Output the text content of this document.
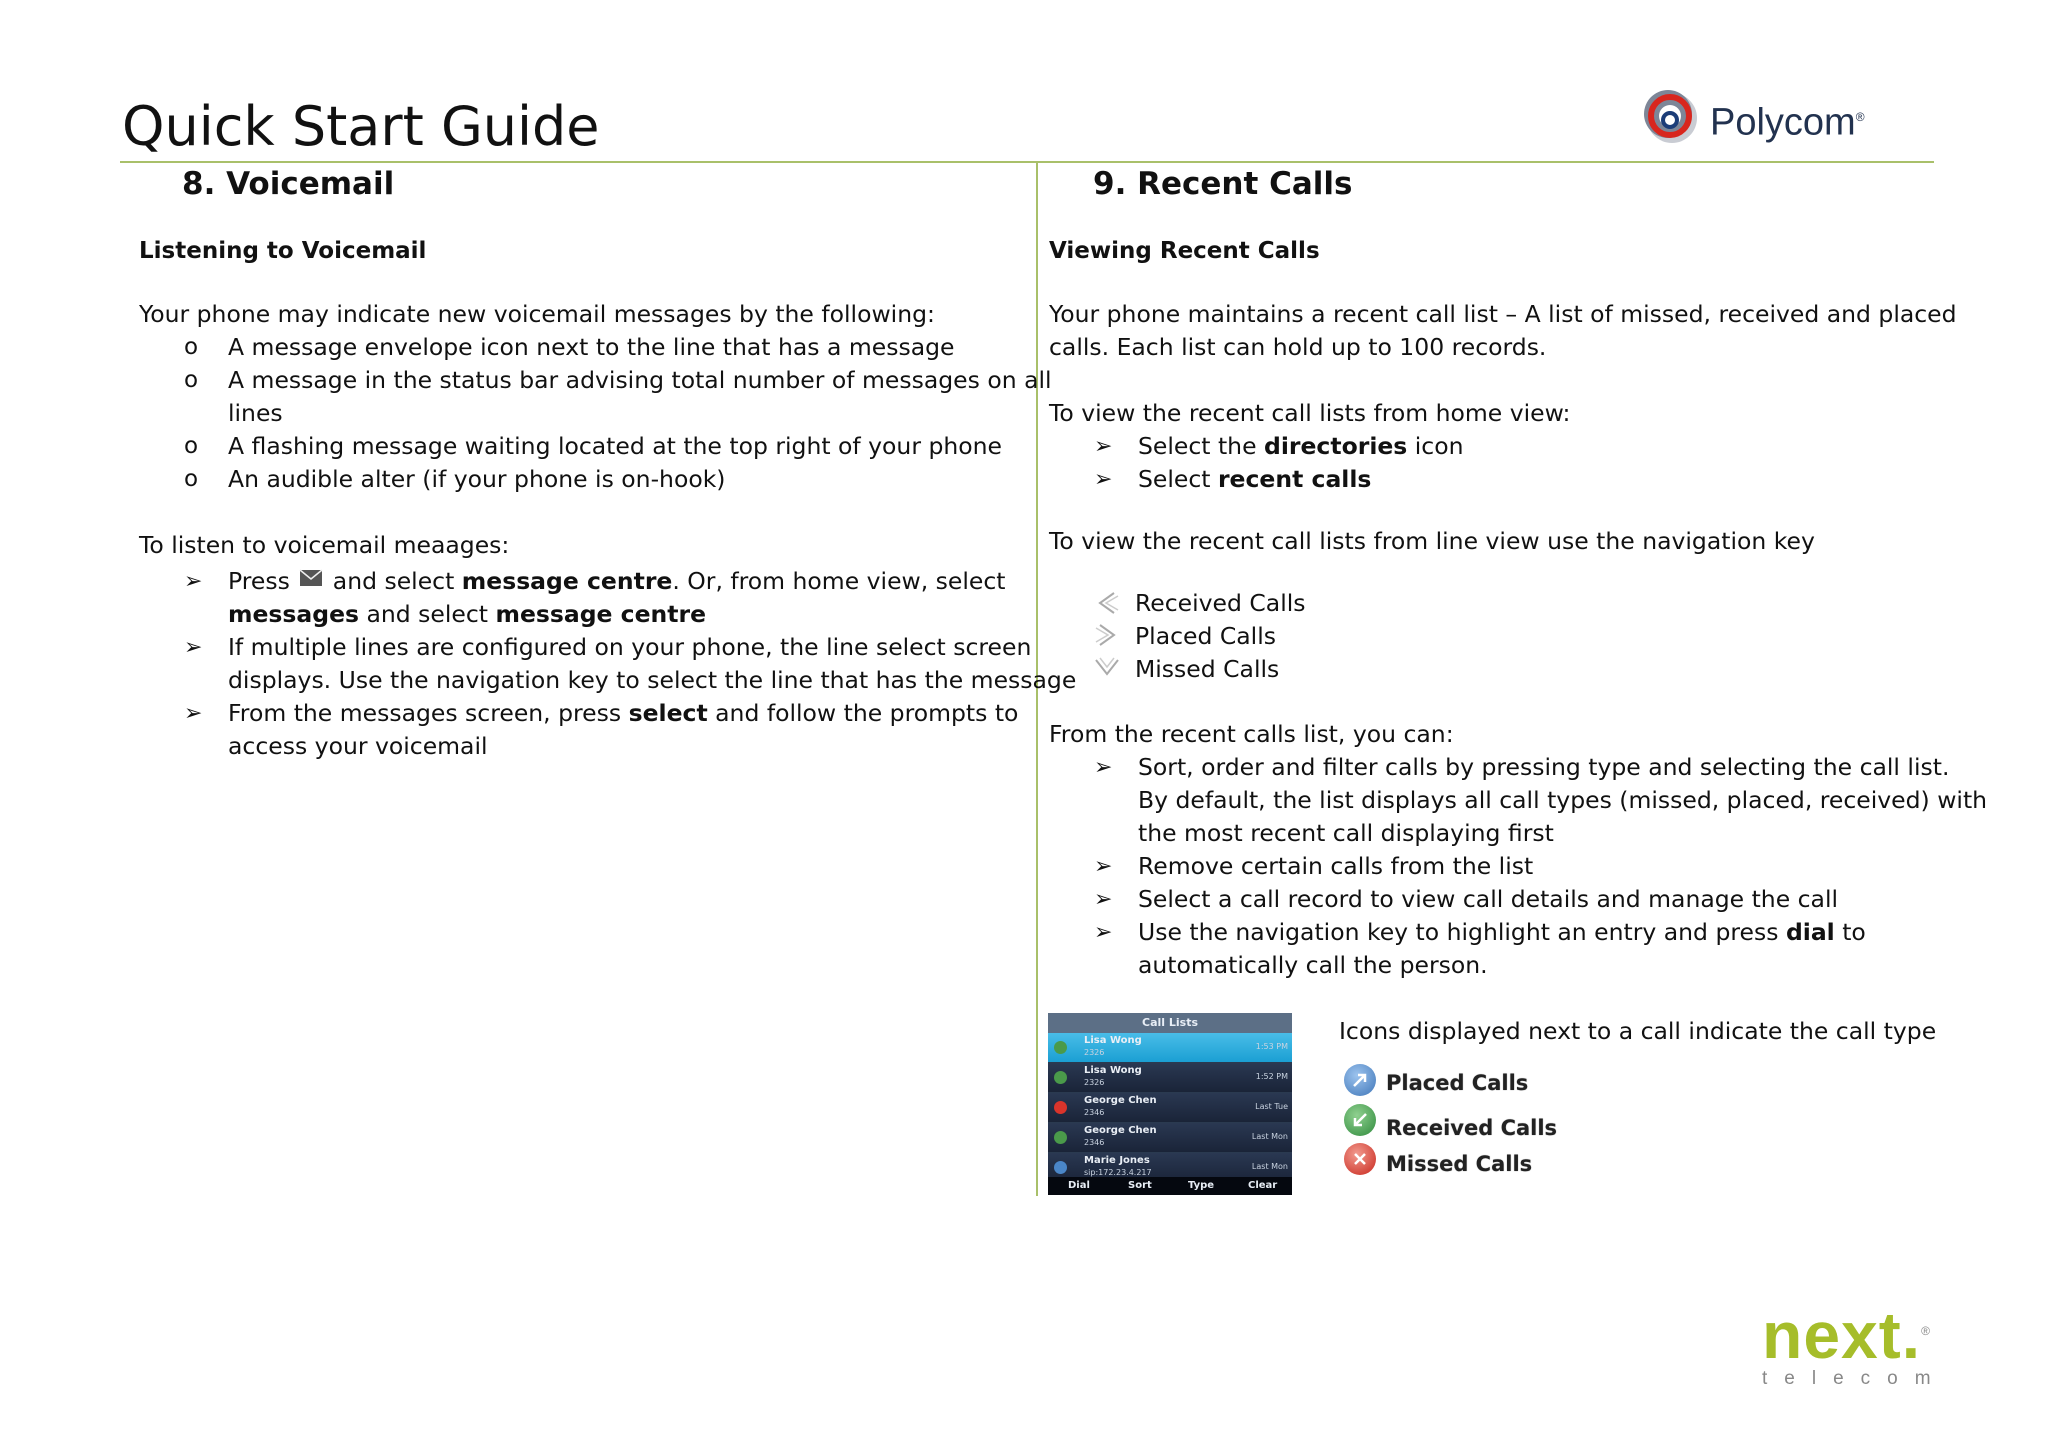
Quick Start Guide	Polycom®
8. Voicemail
Listening to Voicemail
Your phone may indicate new voicemail messages by the following:
o A message envelope icon next to the line that has a message
o A message in the status bar advising total number of messages on all
lines
o A flashing message waiting located at the top right of your phone
o An audible alter (if your phone is on-hook)
To listen to voicemail meaages:
➢ Press  and select message centre. Or, from home view, select
messages and select message centre
➢ If multiple lines are configured on your phone, the line select screen
displays. Use the navigation key to select the line that has the message
➢ From the messages screen, press select and follow the prompts to
access your voicemail
9. Recent Calls
Viewing Recent Calls
Your phone maintains a recent call list – A list of missed, received and placed
calls. Each list can hold up to 100 records.
To view the recent call lists from home view:
➢ Select the directories icon
➢ Select recent calls
To view the recent call lists from line view use the navigation key
Received Calls
Placed Calls
Missed Calls
From the recent calls list, you can:
➢ Sort, order and filter calls by pressing type and selecting the call list.
By default, the list displays all call types (missed, placed, received) with
the most recent call displaying first
➢ Remove certain calls from the list
➢ Select a call record to view call details and manage the call
➢ Use the navigation key to highlight an entry and press dial to
automatically call the person.
Call Lists
Lisa Wong
2326
1:53 PM
Lisa Wong
2326
1:52 PM
George Chen
2346
Last Tue
George Chen
2346
Last Mon
Marie Jones
sip:172.23.4.217
Last Mon
Dial	Sort	Type	Clear
Icons displayed next to a call indicate the call type
Placed Calls
Received Calls
Missed Calls
next.®
telecom
